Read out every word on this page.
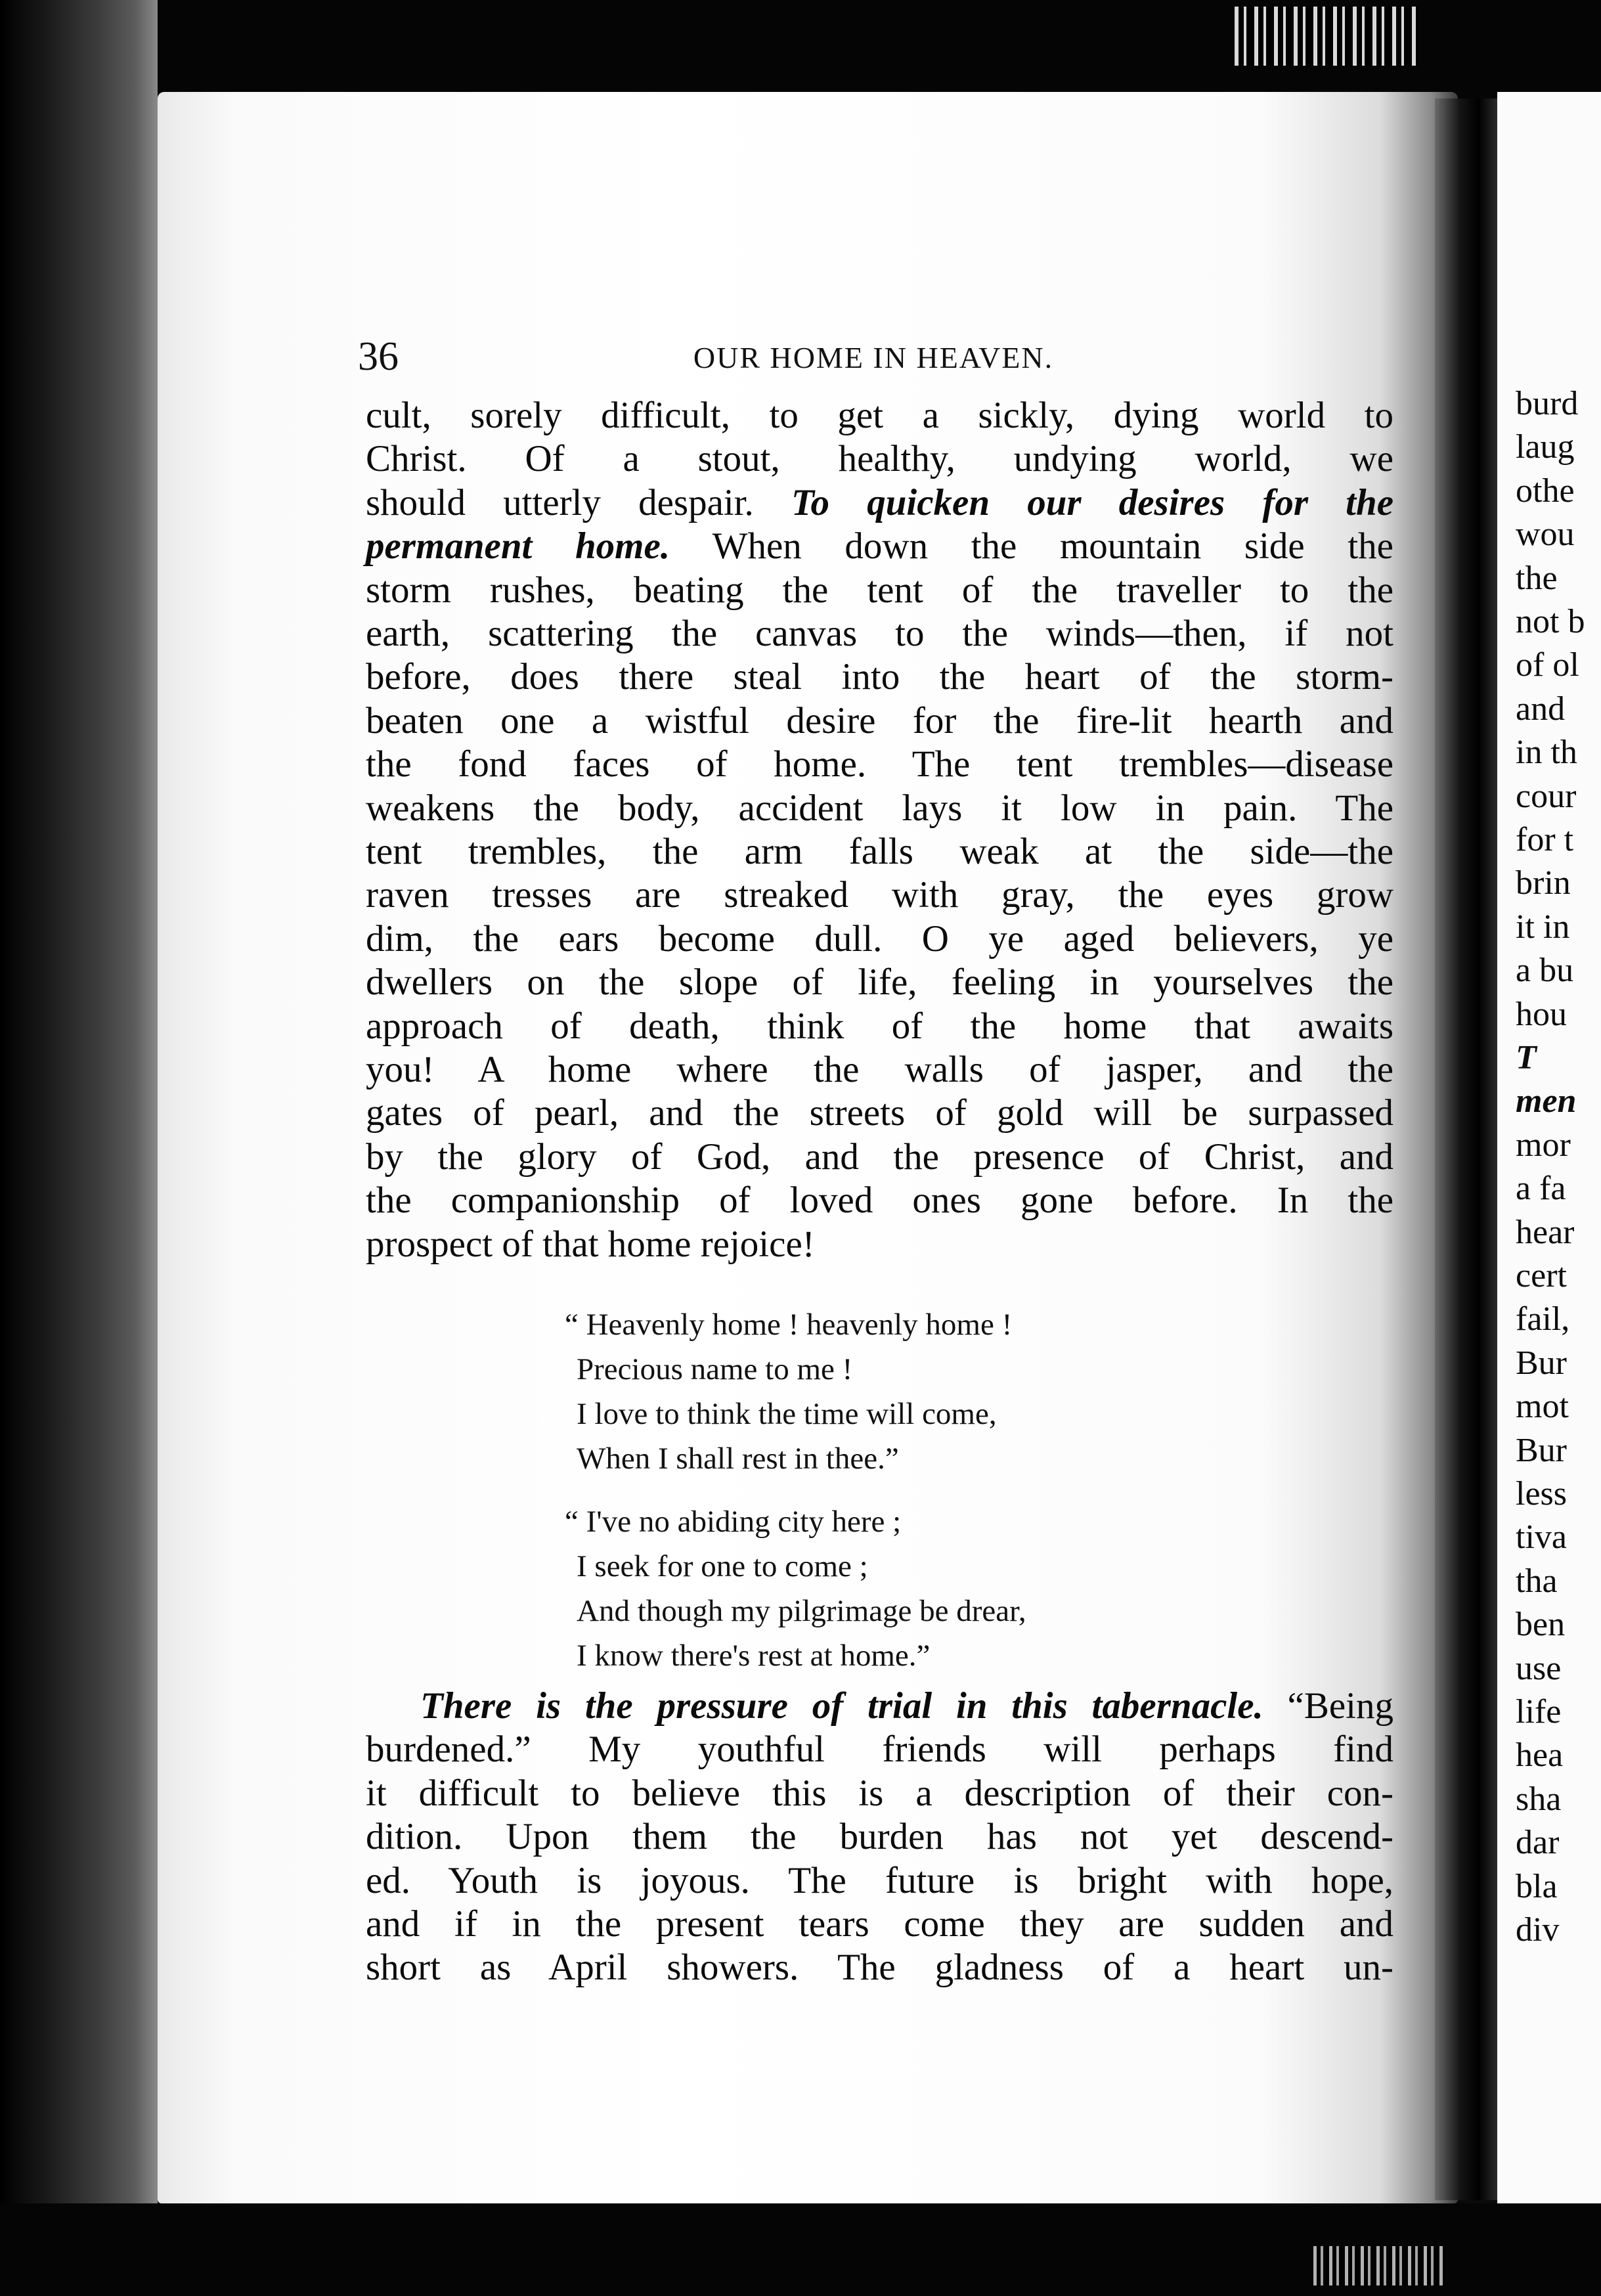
burd
laug
othe
wou
the
not b
of ol
and
in th
cour
for t
brin
it in
a bu
hou
T
men
mor
a fa
hear
cert
fail,
Bur
mot
Bur
less
tiva
tha
ben
use
life
hea
sha
dar
bla
div
36	OUR HOME IN HEAVEN.
cult, sorely difficult, to get a sickly, dying world to
Christ. Of a stout, healthy, undying world, we
should utterly despair. To quicken our desires for the
permanent home. When down the mountain side the
storm rushes, beating the tent of the traveller to the
earth, scattering the canvas to the winds—then, if not
before, does there steal into the heart of the storm-
beaten one a wistful desire for the fire-lit hearth and
the fond faces of home. The tent trembles—disease
weakens the body, accident lays it low in pain. The
tent trembles, the arm falls weak at the side—the
raven tresses are streaked with gray, the eyes grow
dim, the ears become dull. O ye aged believers, ye
dwellers on the slope of life, feeling in yourselves the
approach of death, think of the home that awaits
you! A home where the walls of jasper, and the
gates of pearl, and the streets of gold will be surpassed
by the glory of God, and the presence of Christ, and
the companionship of loved ones gone before. In the
prospect of that home rejoice!
“ Heavenly home ! heavenly home !
Precious name to me !
I love to think the time will come,
When I shall rest in thee.”
“ I've no abiding city here ;
I seek for one to come ;
And though my pilgrimage be drear,
I know there's rest at home.”
There is the pressure of trial in this tabernacle. “Being
burdened.” My youthful friends will perhaps find
it difficult to believe this is a description of their con-
dition. Upon them the burden has not yet descend-
ed. Youth is joyous. The future is bright with hope,
and if in the present tears come they are sudden and
short as April showers. The gladness of a heart un-
